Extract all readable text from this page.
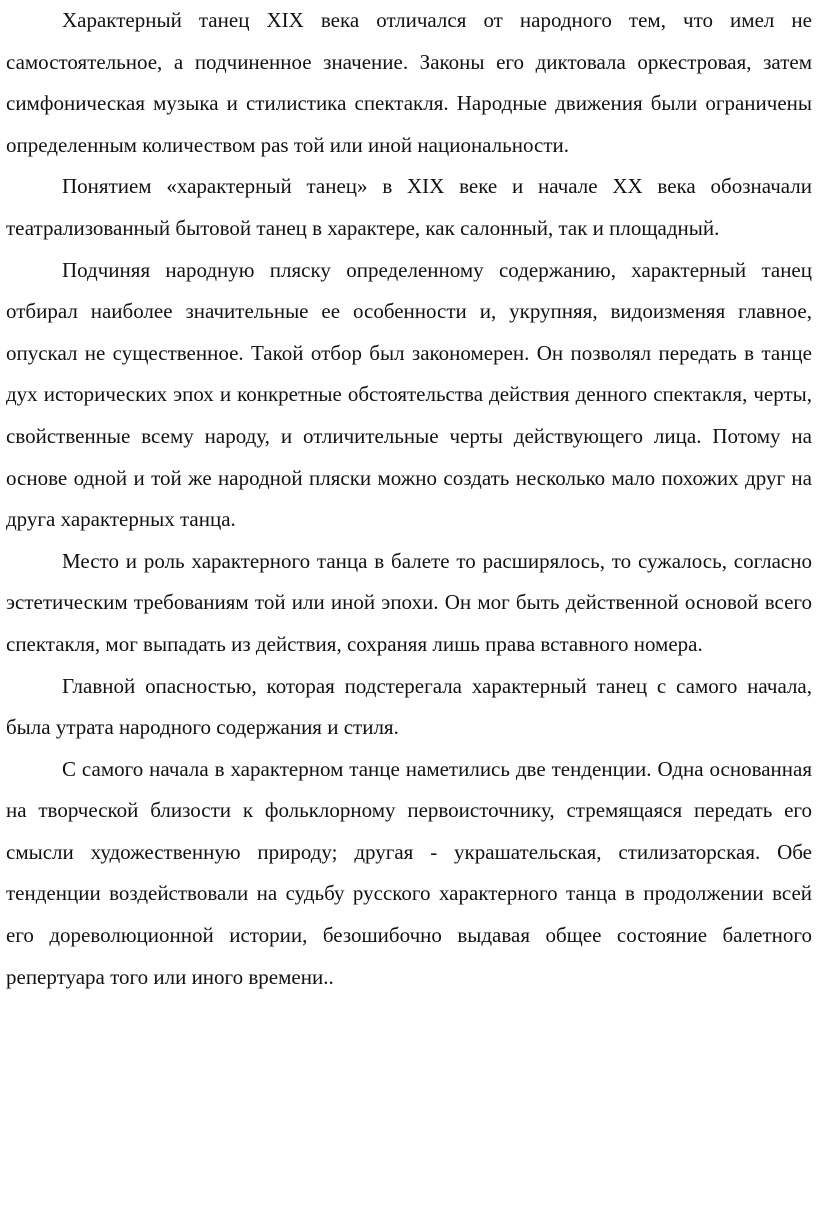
Характерный танец XIX века отличался от народного тем, что имел не самостоятельное, а подчиненное значение. Законы его диктовала оркестровая, затем симфоническая музыка и стилистика спектакля. Народные движения были ограничены определенным количеством pas той или иной национальности.

Понятием «характерный танец» в XIX веке и начале XX века обозначали театрализованный бытовой танец в характере, как салонный, так и площадный.

Подчиняя народную пляску определенному содержанию, характерный танец отбирал наиболее значительные ее особенности и, укрупняя, видоизменяя главное, опускал не существенное. Такой отбор был закономерен. Он позволял передать в танце дух исторических эпох и конкретные обстоятельства действия денного спектакля, черты, свойственные всему народу, и отличительные черты действующего лица. Потому на основе одной и той же народной пляски можно создать несколько мало похожих друг на друга характерных танца.

Место и роль характерного танца в балете то расширялось, то сужалось, согласно эстетическим требованиям той или иной эпохи. Он мог быть действенной основой всего спектакля, мог выпадать из действия, сохраняя лишь права вставного номера.

Главной опасностью, которая подстерегала характерный танец с самого начала, была утрата народного содержания и стиля.

С самого начала в характерном танце наметились две тенденции. Одна основанная на творческой близости к фольклорному первоисточнику, стремящаяся передать его смысли художественную природу; другая - украшательская, стилизаторская. Обе тенденции воздействовали на судьбу русского характерного танца в продолжении всей его дореволюционной истории, безошибочно выдавая общее состояние балетного репертуара того или иного времени..
